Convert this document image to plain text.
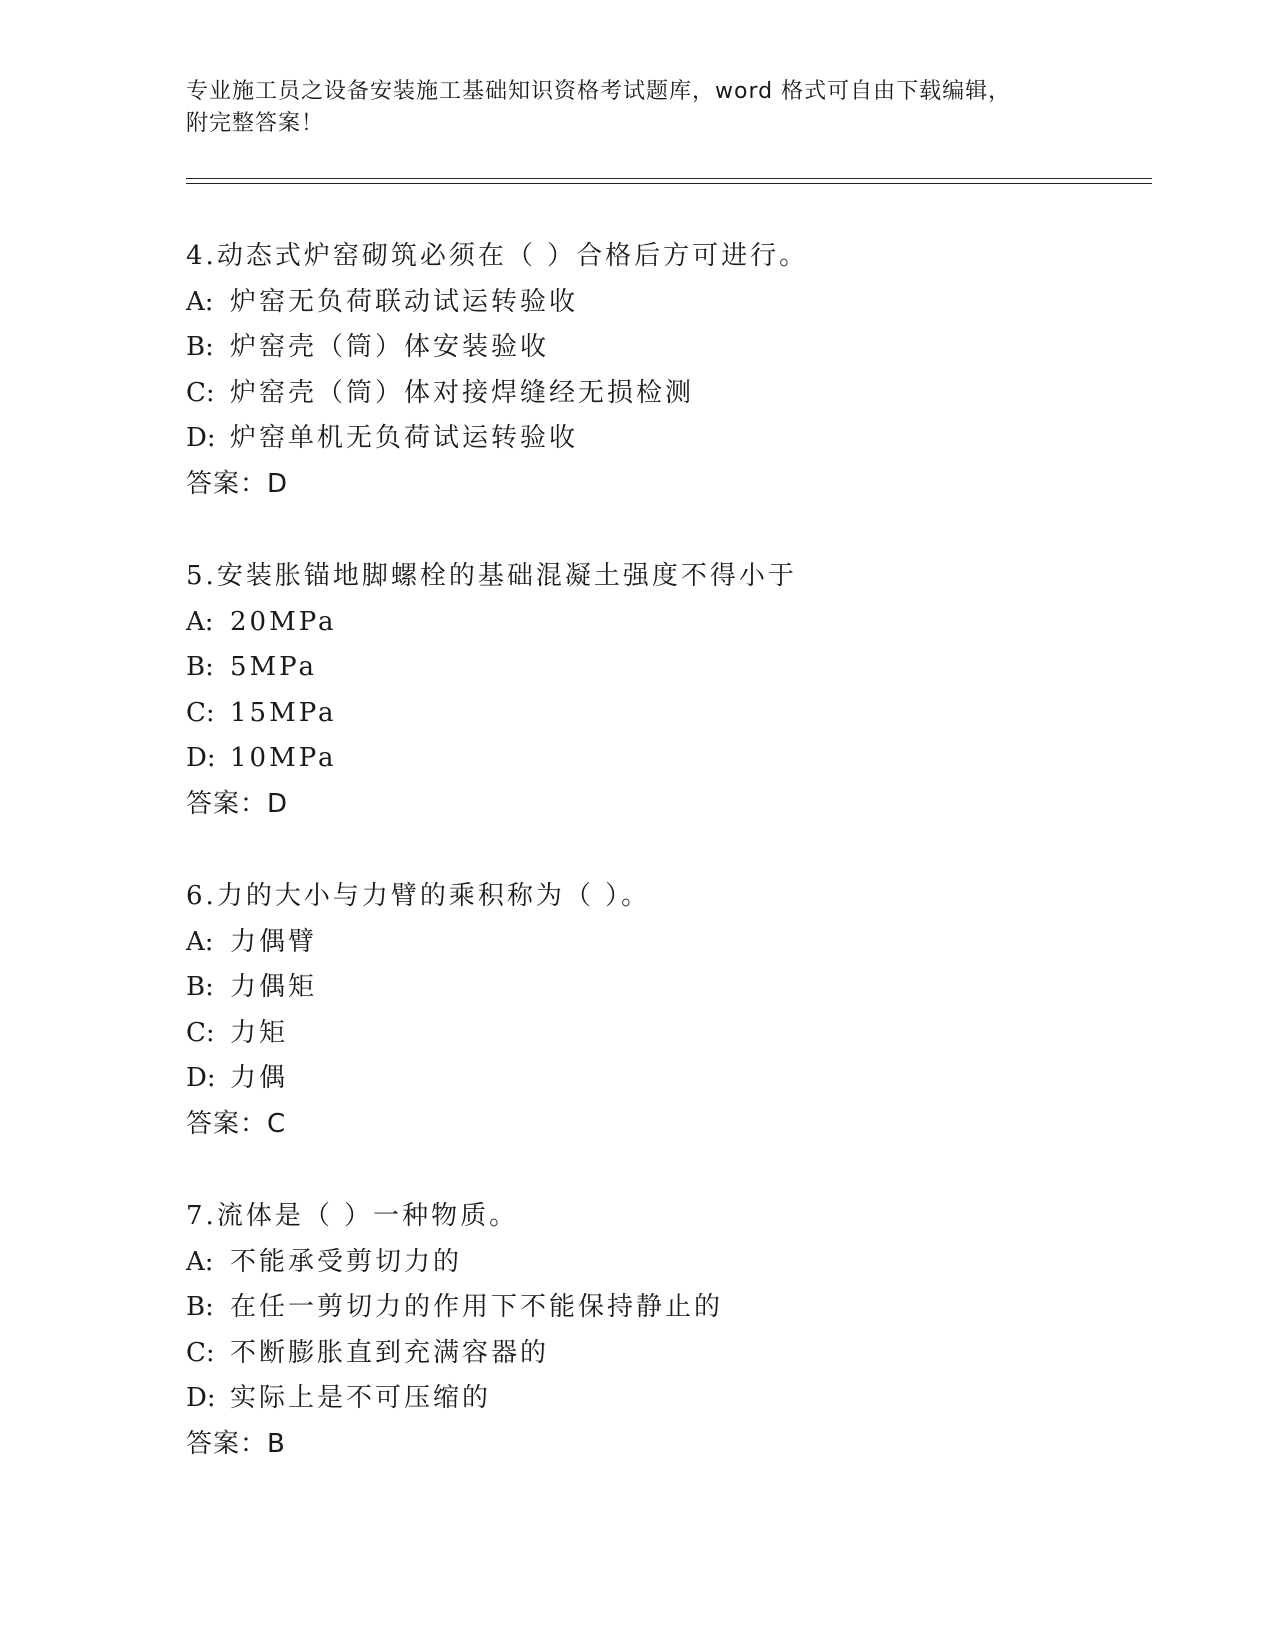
专业施工员之设备安装施工基础知识资格考试题库，word 格式可自由下载编辑，
附完整答案！
4.动态式炉窑砌筑必须在（ ）合格后方可进行。
A: 炉窑无负荷联动试运转验收
B: 炉窑壳（筒）体安装验收
C: 炉窑壳（筒）体对接焊缝经无损检测
D: 炉窑单机无负荷试运转验收
答案：D
5.安装胀锚地脚螺栓的基础混凝土强度不得小于
A: 20MPa
B: 5MPa
C: 15MPa
D: 10MPa
答案：D
6.力的大小与力臂的乘积称为（ ）。
A: 力偶臂
B: 力偶矩
C: 力矩
D: 力偶
答案：C
7.流体是（ ）一种物质。
A: 不能承受剪切力的
B: 在任一剪切力的作用下不能保持静止的
C: 不断膨胀直到充满容器的
D: 实际上是不可压缩的
答案：B
